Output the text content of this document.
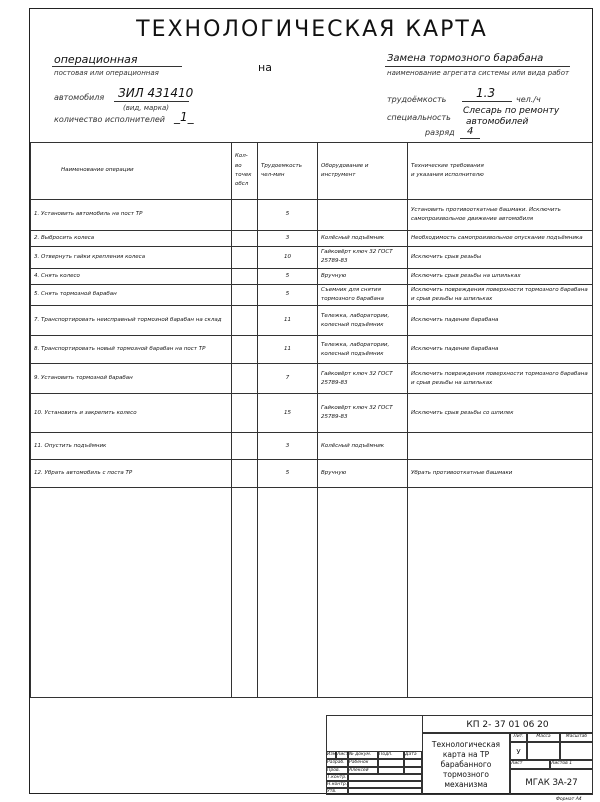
ТЕХНОЛОГИЧЕСКАЯ КАРТА
операционная
постовая или операционная	на
Замена тормозного барабана
наименование агрегата системы или вида работ
автомобиля ЗИЛ 431410
(вид, марка)
количество исполнителей _1_
трудоёмкость 1.3	чел./ч
специальность
Слесарь по ремонту
автомобилей
разряд 4
Наименование операции	Кол-во
точек
обсл	Трудоемкость
чел-мин	Оборудование и
инструмент	Технические требования
и указания исполнителю
1. Установить автомобиль на пост ТР		5		Установить противооткатные башмаки. Исключить самопроизвольное движение автомобиля
2. Выбросить колеса		3	Колёсный подъёмник	Необходимость самопроизвольное опускание подъёмника
3. Отвернуть гайки крепления колеса		10	Гайковёрт ключ 32 ГОСТ 25789-83	Исключить срыв резьбы
4. Снять колесо		5	Вручную	Исключить срыв резьбы на шпильках
5. Снять тормозной барабан		5	Съемник для снятия тормозного барабана	Исключить повреждения поверхности тормозного барабана и срыв резьбы на шпильках
7. Транспортировать неисправный тормозной барабан на склад		11	Тележка, лаборатории, колесный подъёмник	Исключить падение барабана
8. Транспортировать новый тормозной барабан на пост ТР		11	Тележка, лаборатории, колесный подъёмник	Исключить падение барабана
9. Установить тормозной барабан		7	Гайковёрт ключ 32 ГОСТ 25789-83	Исключить повреждения поверхности тормозного барабана и срыв резьбы на шпильках
10. Установить и закрепить колесо		15	Гайковёрт ключ 32 ГОСТ 25789-83	Исключить срыв резьбы со шпилек
11. Опустить подъёмник		3	Колёсный подъёмник	
12. Убрать автомобиль с поста ТР		5	Вручную	Убрать противооткатные башмаки

КП 2- 37 01 06 20
Технологическая карта на ТР барабанного тормозного механизма
Лит.	Масса	Масштаб
У
Лист	Листов 1
МГАК ЗА-27
Изм. Лист № докум.	Подп.	Дата
Разраб. Рабенок
Пров.	Алексей
Т.контр.
Н.контр.
Утв.
Формат А4
